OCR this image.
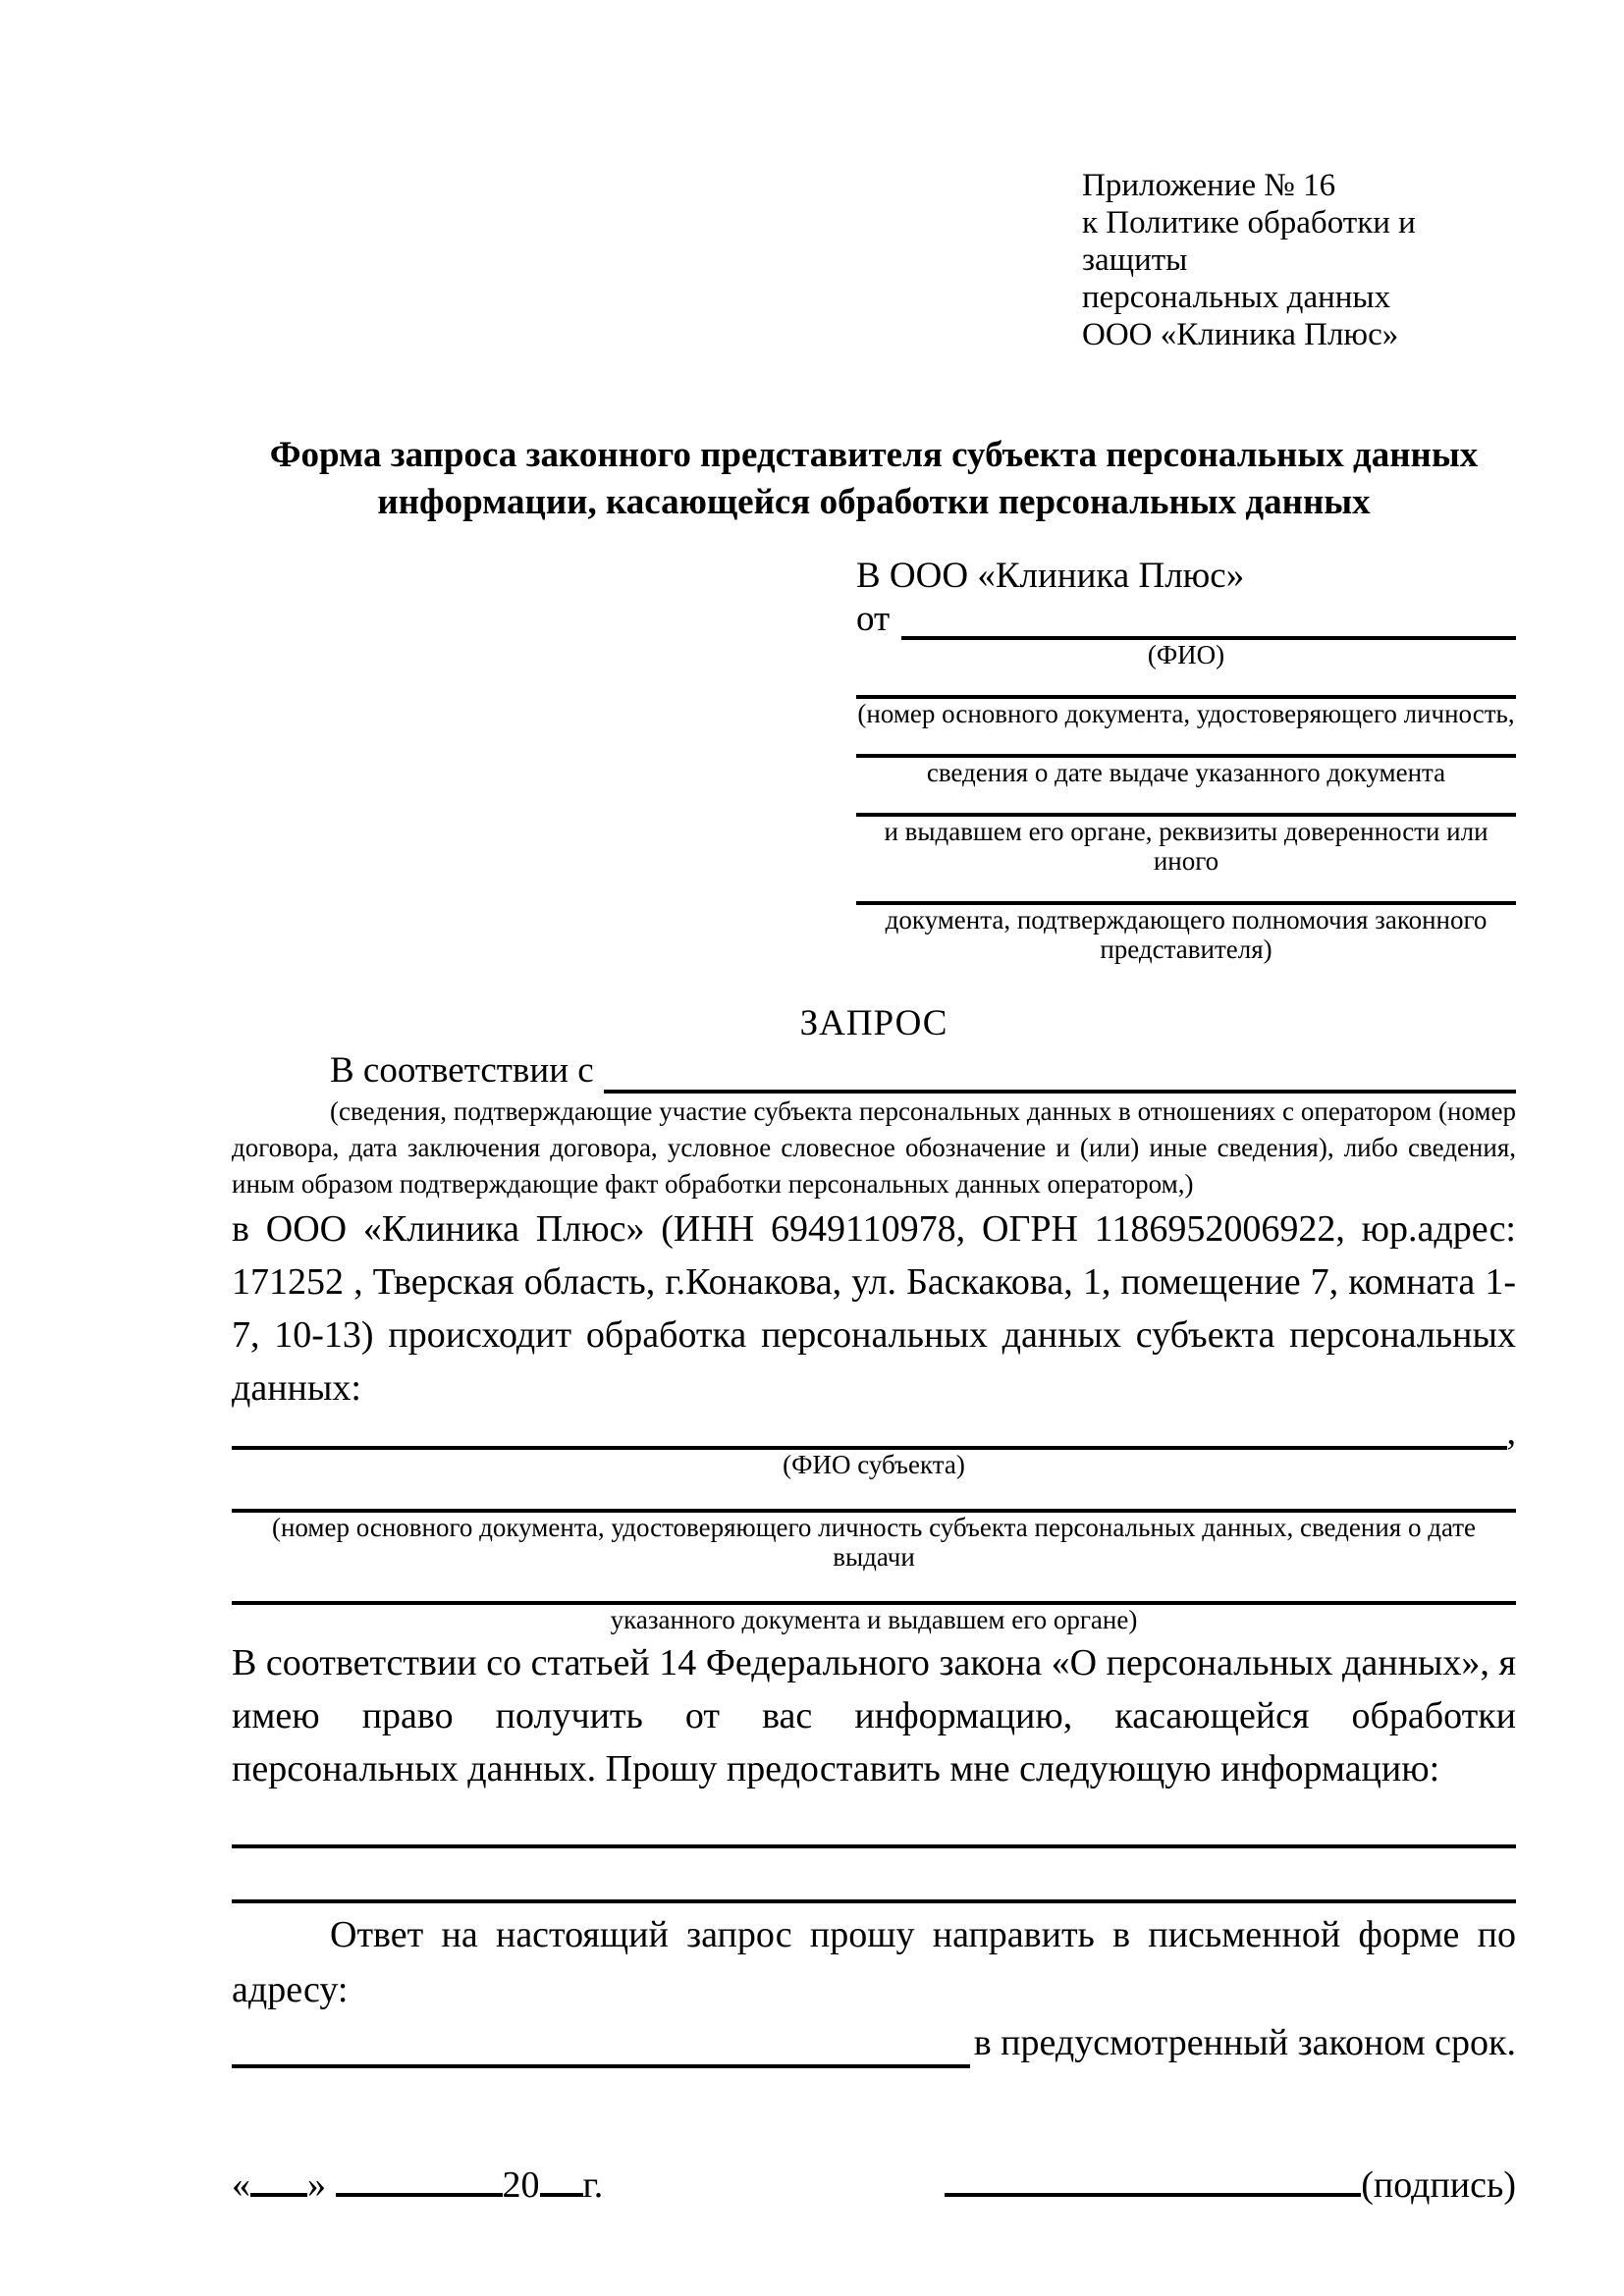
Приложение № 16
к Политике обработки и защиты
персональных данных
ООО «Клиника Плюс»
Форма запроса законного представителя субъекта персональных данных информации, касающейся обработки персональных данных
В ООО «Клиника Плюс»
от
(ФИО)
(номер основного документа, удостоверяющего личность,
сведения о дате выдаче указанного документа
и выдавшем его органе, реквизиты доверенности или иного
документа, подтверждающего полномочия законного представителя)
ЗАПРОС
В соответствии с
(сведения, подтверждающие участие субъекта персональных данных в отношениях с оператором (номер договора, дата заключения договора, условное словесное обозначение и (или) иные сведения), либо сведения, иным образом подтверждающие факт обработки персональных данных оператором,)
в ООО «Клиника Плюс» (ИНН 6949110978, ОГРН 1186952006922, юр.адрес: 171252 , Тверская область, г.Конакова, ул. Баскакова, 1, помещение 7, комната 1-7, 10-13) происходит обработка персональных данных субъекта персональных данных:
,
(ФИО субъекта)
(номер основного документа, удостоверяющего личность субъекта персональных данных, сведения о дате выдачи
указанного документа и выдавшем его органе)
В соответствии со статьей 14 Федерального закона «О персональных данных», я имею право получить от вас информацию, касающейся обработки персональных данных. Прошу предоставить мне следующую информацию:
Ответ на настоящий запрос прошу направить в письменной форме по адресу:
в предусмотренный законом срок.
« »	20 г.	(подпись)
